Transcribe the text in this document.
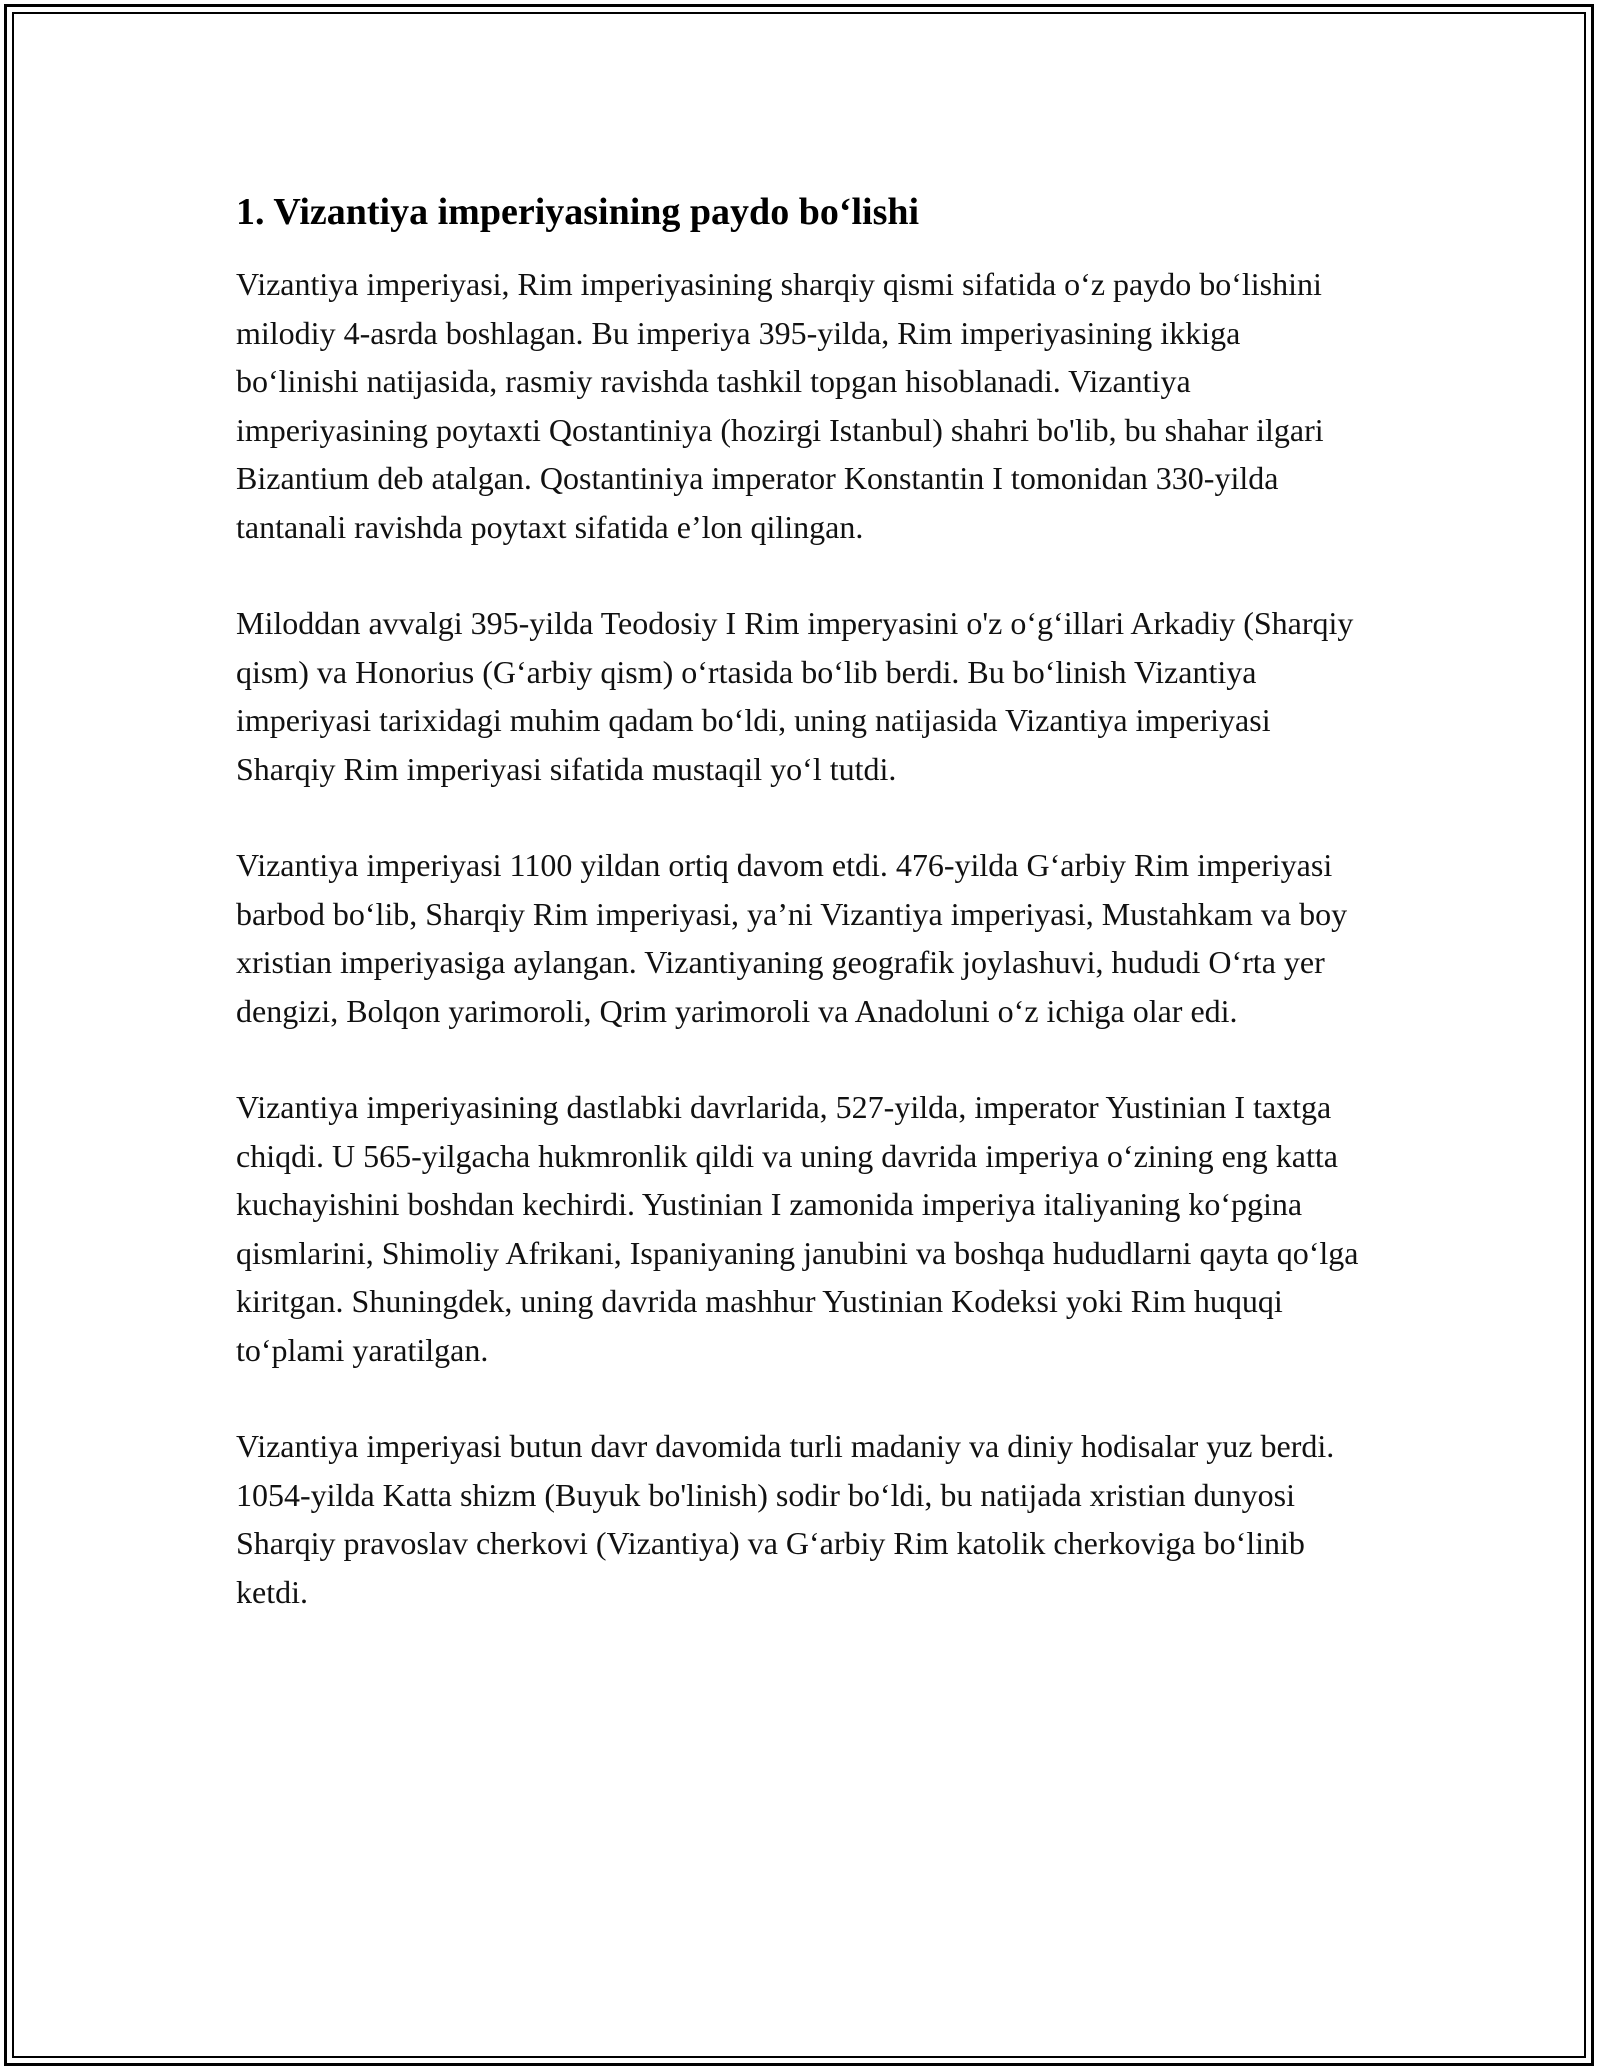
1. Vizantiya imperiyasining paydo bo‘lishi

Vizantiya imperiyasi, Rim imperiyasining sharqiy qismi sifatida o‘z paydo bo‘lishini milodiy 4-asrda boshlagan. Bu imperiya 395-yilda, Rim imperiyasining ikkiga bo‘linishi natijasida, rasmiy ravishda tashkil topgan hisoblanadi. Vizantiya imperiyasining poytaxti Qostantiniya (hozirgi Istanbul) shahri bo'lib, bu shahar ilgari Bizantium deb atalgan. Qostantiniya imperator Konstantin I tomonidan 330-yilda tantanali ravishda poytaxt sifatida e’lon qilingan.

Miloddan avvalgi 395-yilda Teodosiy I Rim imperyasini o'z o‘g‘illari Arkadiy (Sharqiy qism) va Honorius (G‘arbiy qism) o‘rtasida bo‘lib berdi. Bu bo‘linish Vizantiya imperiyasi tarixidagi muhim qadam bo‘ldi, uning natijasida Vizantiya imperiyasi Sharqiy Rim imperiyasi sifatida mustaqil yo‘l tutdi.

Vizantiya imperiyasi 1100 yildan ortiq davom etdi. 476-yilda G‘arbiy Rim imperiyasi barbod bo‘lib, Sharqiy Rim imperiyasi, ya’ni Vizantiya imperiyasi, Mustahkam va boy xristian imperiyasiga aylangan. Vizantiyaning geografik joylashuvi, hududi O‘rta yer dengizi, Bolqon yarimoroli, Qrim yarimoroli va Anadoluni o‘z ichiga olar edi.

Vizantiya imperiyasining dastlabki davrlarida, 527-yilda, imperator Yustinian I taxtga chiqdi. U 565-yilgacha hukmronlik qildi va uning davrida imperiya o‘zining eng katta kuchayishini boshdan kechirdi. Yustinian I zamonida imperiya italiyaning ko‘pgina qismlarini, Shimoliy Afrikani, Ispaniyaning janubini va boshqa hududlarni qayta qo‘lga kiritgan. Shuningdek, uning davrida mashhur Yustinian Kodeksi yoki Rim huquqi to‘plami yaratilgan.

Vizantiya imperiyasi butun davr davomida turli madaniy va diniy hodisalar yuz berdi. 1054-yilda Katta shizm (Buyuk bo'linish) sodir bo‘ldi, bu natijada xristian dunyosi Sharqiy pravoslav cherkovi (Vizantiya) va G‘arbiy Rim katolik cherkoviga bo‘linib ketdi.
